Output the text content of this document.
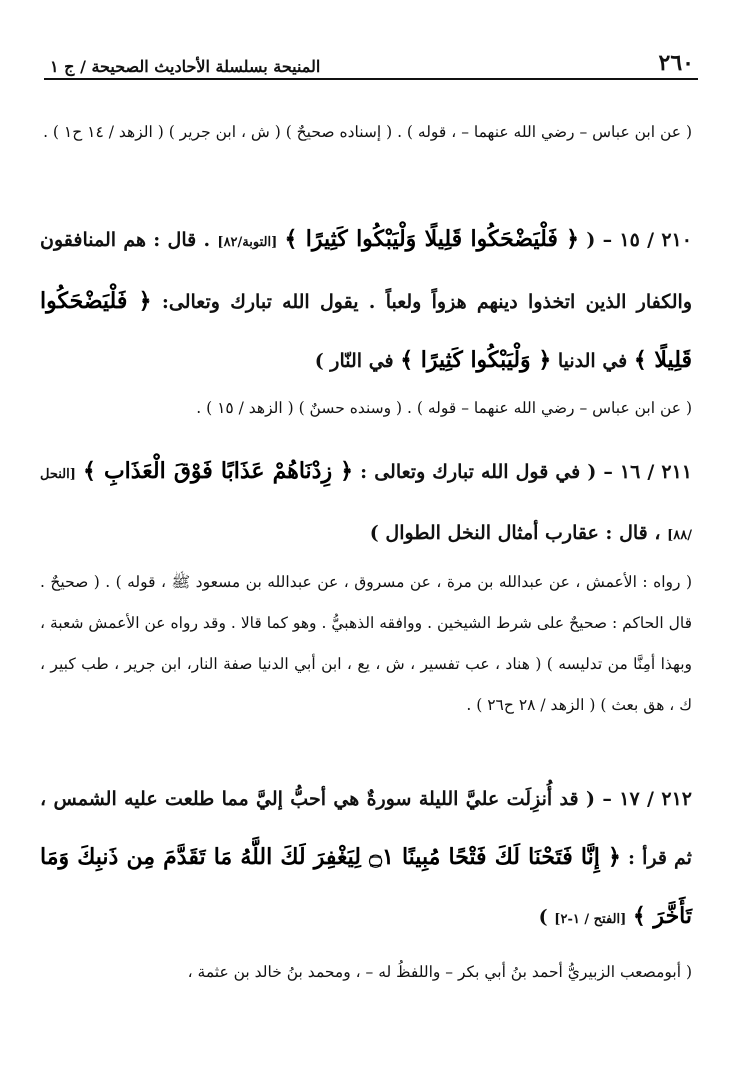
٢٦٠
المنيحة بسلسلة الأحاديث الصحيحة / ج ١
( عن ابن عباس – رضي الله عنهما – ، قوله ) . ( إسناده صحيحٌ ) ( ش ، ابن جرير ) ( الزهد / ١٤ ح١ ) .
٢١٠ / ١٥ – ( ﴿ فَلْيَضْحَكُوا قَلِيلًا وَلْيَبْكُوا كَثِيرًا ﴾ [التوبة/٨٢] . قال : هم المنافقون والكفار الذين اتخذوا دينهم هزواً ولعباً . يقول الله تبارك وتعالى: ﴿ فَلْيَضْحَكُوا قَلِيلًا ﴾ في الدنيا ﴿ وَلْيَبْكُوا كَثِيرًا ﴾ في النّار )
( عن ابن عباس – رضي الله عنهما – قوله ) . ( وسنده حسنٌ ) ( الزهد / ١٥ ) .
٢١١ / ١٦ – ( في قول الله تبارك وتعالى : ﴿ زِدْنَاهُمْ عَذَابًا فَوْقَ الْعَذَابِ ﴾ [النحل /٨٨] ، قال : عقارب أمثال النخل الطوال )
( رواه : الأعمش ، عن عبدالله بن مرة ، عن مسروق ، عن عبدالله بن مسعود ﷺ ، قوله ) . ( صحيحٌ . قال الحاكم : صحيحٌ على شرط الشيخين . ووافقه الذهبيُّ . وهو كما قالا . وقد رواه عن الأعمش شعبة ، وبهذا أمِنَّا من تدليسه ) ( هناد ، عب تفسير ، ش ، يع ، ابن أبي الدنيا صفة النار، ابن جرير ، طب كبير ، ك ، هق بعث ) ( الزهد / ٢٨ ح٢٦ ) .
٢١٢ / ١٧ – ( قد أُنزِلَت عليَّ الليلة سورةٌ هي أحبُّ إليَّ مما طلعت عليه الشمس ، ثم قرأ : ﴿ إِنَّا فَتَحْنَا لَكَ فَتْحًا مُبِينًا ۝١ لِيَغْفِرَ لَكَ اللَّهُ مَا تَقَدَّمَ مِن ذَنبِكَ وَمَا تَأَخَّرَ ﴾ [الفتح / ١-٢] )
( أبومصعب الزبيريُّ أحمد بنُ أبي بكر – واللفظُ له – ، ومحمد بنُ خالد بن عثمة ،
